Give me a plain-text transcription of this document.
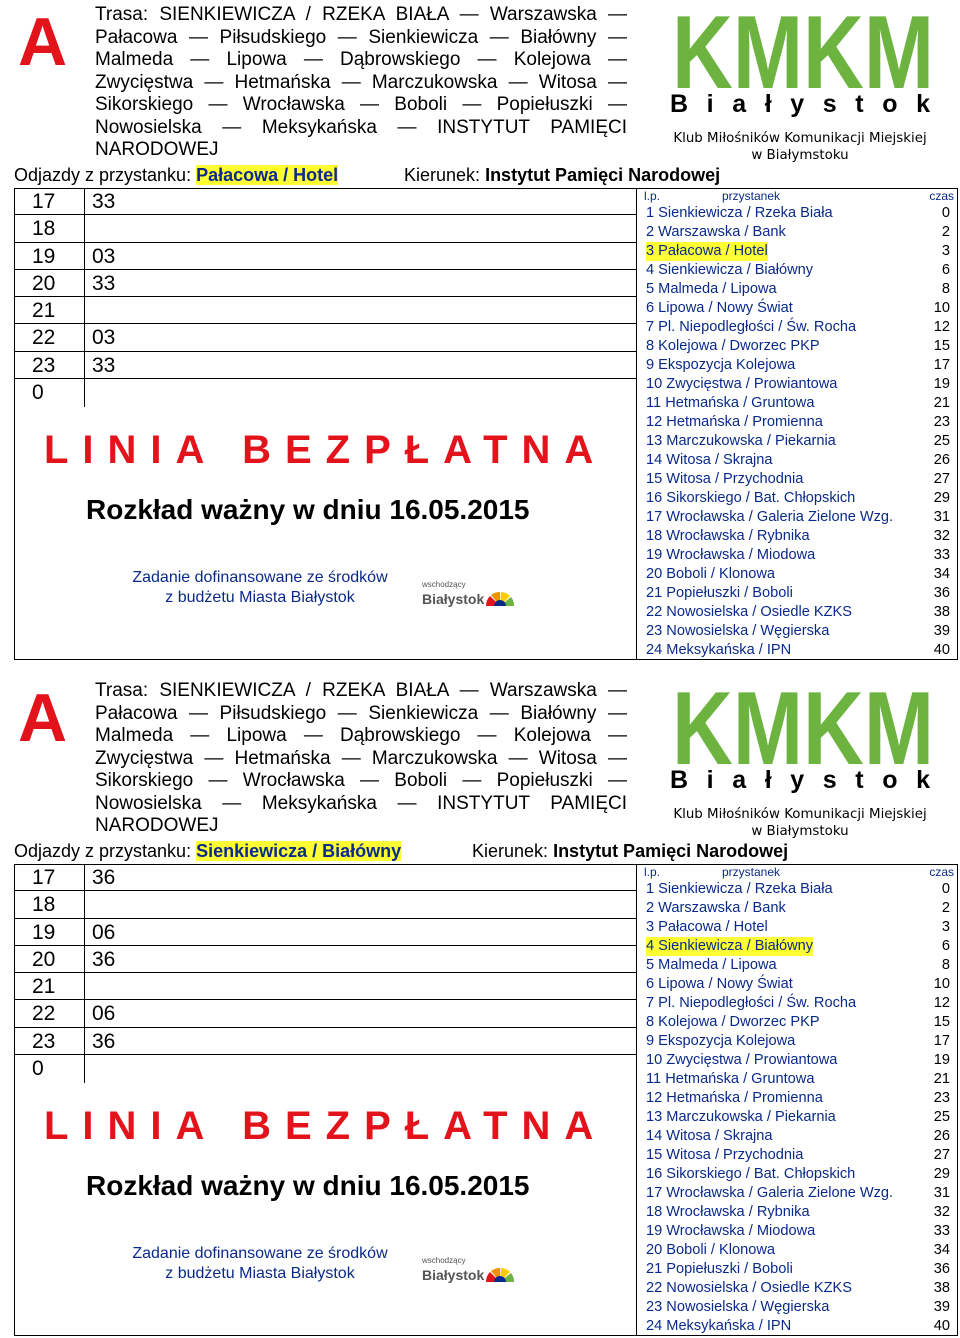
A Trasa: SIENKIEWICZA / RZEKA BIAŁA — Warszawska — Pałacowa — Piłsudskiego — Sienkiewicza — Białówny — Malmeda — Lipowa — Dąbrowskiego — Kolejowa — Zwycięstwa — Hetmańska — Marczukowska — Witosa — Sikorskiego — Wrocławska — Boboli — Popiełuszki — Nowosielska — Meksykańska — INSTYTUT PAMIĘCI NARODOWEJ
KMKM
B i a ł y s t o k
Klub Miłośników Komunikacji Miejskiej
w Białymstoku
Odjazdy z przystanku: Pałacowa / Hotel	Kierunek: Instytut Pamięci Narodowej
17 33
18
19 03
20 33
21
22 03
23 33
0
LINIA BEZPŁATNA
Rozkład ważny w dniu 16.05.2015
Zadanie dofinansowane ze środków
z budżetu Miasta Białystok
wschodzący
Białystok
l.p.	przystanek	czas
1 Sienkiewicza / Rzeka Biała	0
2 Warszawska / Bank	2
3 Pałacowa / Hotel	3
4 Sienkiewicza / Białówny	6
5 Malmeda / Lipowa	8
6 Lipowa / Nowy Świat	10
7 Pl. Niepodległości / Św. Rocha	12
8 Kolejowa / Dworzec PKP	15
9 Ekspozycja Kolejowa	17
10 Zwycięstwa / Prowiantowa	19
11 Hetmańska / Gruntowa	21
12 Hetmańska / Promienna	23
13 Marczukowska / Piekarnia	25
14 Witosa / Skrajna	26
15 Witosa / Przychodnia	27
16 Sikorskiego / Bat. Chłopskich	29
17 Wrocławska / Galeria Zielone Wzg.	31
18 Wrocławska / Rybnika	32
19 Wrocławska / Miodowa	33
20 Boboli / Klonowa	34
21 Popiełuszki / Boboli	36
22 Nowosielska / Osiedle KZKS	38
23 Nowosielska / Węgierska	39
24 Meksykańska / IPN	40
A Trasa: SIENKIEWICZA / RZEKA BIAŁA — Warszawska — Pałacowa — Piłsudskiego — Sienkiewicza — Białówny — Malmeda — Lipowa — Dąbrowskiego — Kolejowa — Zwycięstwa — Hetmańska — Marczukowska — Witosa — Sikorskiego — Wrocławska — Boboli — Popiełuszki — Nowosielska — Meksykańska — INSTYTUT PAMIĘCI NARODOWEJ
KMKM
B i a ł y s t o k
Klub Miłośników Komunikacji Miejskiej
w Białymstoku
Odjazdy z przystanku: Sienkiewicza / Białówny	Kierunek: Instytut Pamięci Narodowej
17 36
18
19 06
20 36
21
22 06
23 36
0
LINIA BEZPŁATNA
Rozkład ważny w dniu 16.05.2015
Zadanie dofinansowane ze środków
z budżetu Miasta Białystok
wschodzący
Białystok
l.p.	przystanek	czas
1 Sienkiewicza / Rzeka Biała	0
2 Warszawska / Bank	2
3 Pałacowa / Hotel	3
4 Sienkiewicza / Białówny	6
5 Malmeda / Lipowa	8
6 Lipowa / Nowy Świat	10
7 Pl. Niepodległości / Św. Rocha	12
8 Kolejowa / Dworzec PKP	15
9 Ekspozycja Kolejowa	17
10 Zwycięstwa / Prowiantowa	19
11 Hetmańska / Gruntowa	21
12 Hetmańska / Promienna	23
13 Marczukowska / Piekarnia	25
14 Witosa / Skrajna	26
15 Witosa / Przychodnia	27
16 Sikorskiego / Bat. Chłopskich	29
17 Wrocławska / Galeria Zielone Wzg.	31
18 Wrocławska / Rybnika	32
19 Wrocławska / Miodowa	33
20 Boboli / Klonowa	34
21 Popiełuszki / Boboli	36
22 Nowosielska / Osiedle KZKS	38
23 Nowosielska / Węgierska	39
24 Meksykańska / IPN	40
